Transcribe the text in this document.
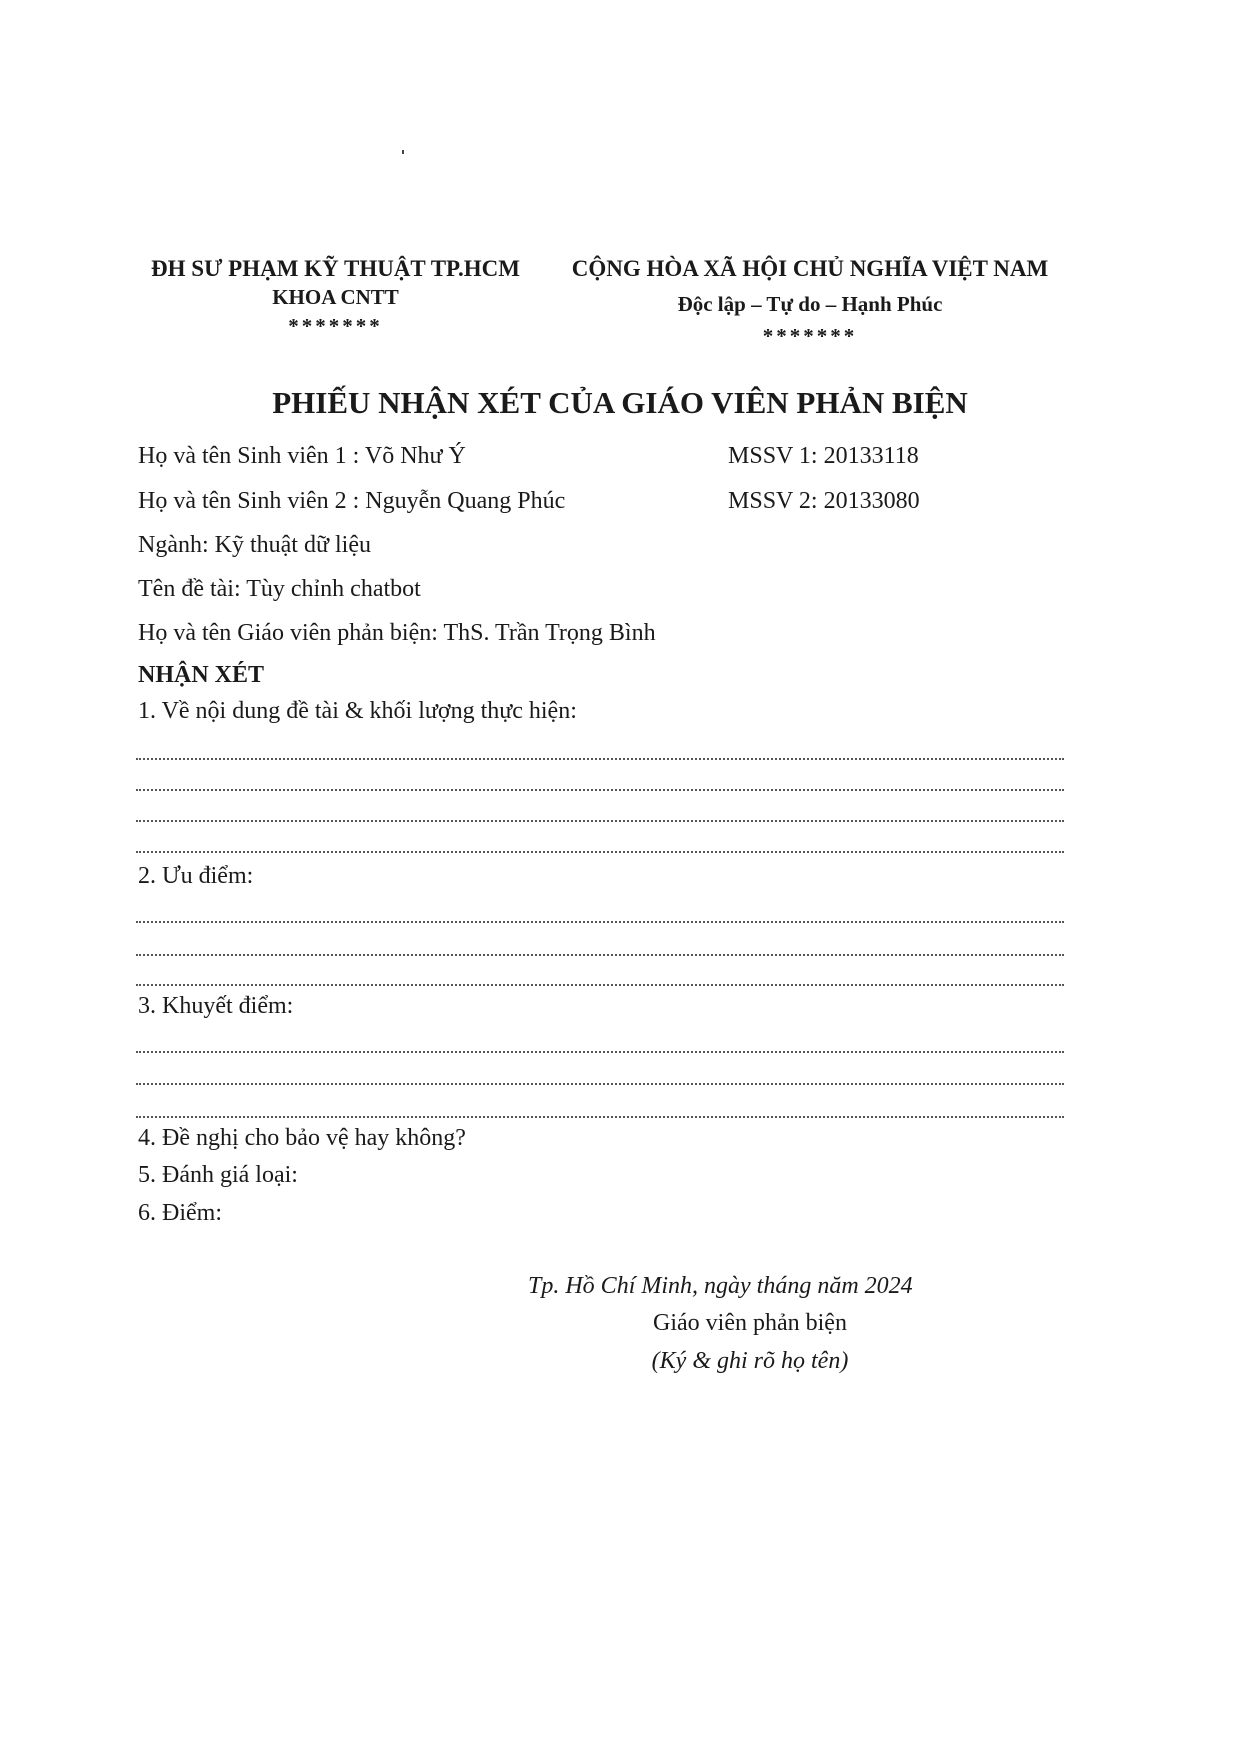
ĐH SƯ PHẠM KỸ THUẬT TP.HCM
KHOA CNTT
*******
CỘNG HÒA XÃ HỘI CHỦ NGHĨA VIỆT NAM
Độc lập – Tự do – Hạnh Phúc
*******
PHIẾU NHẬN XÉT CỦA GIÁO VIÊN PHẢN BIỆN
Họ và tên Sinh viên 1 : Võ Như Ý	MSSV 1: 20133118
Họ và tên Sinh viên 2 : Nguyễn Quang Phúc	MSSV 2: 20133080
Ngành: Kỹ thuật dữ liệu
Tên đề tài: Tùy chỉnh chatbot
Họ và tên Giáo viên phản biện: ThS. Trần Trọng Bình
NHẬN XÉT
1. Về nội dung đề tài & khối lượng thực hiện:
2. Ưu điểm:
3. Khuyết điểm:
4. Đề nghị cho bảo vệ hay không?
5. Đánh giá loại:
6. Điểm:
Tp. Hồ Chí Minh, ngày tháng năm 2024
Giáo viên phản biện
(Ký & ghi rõ họ tên)
